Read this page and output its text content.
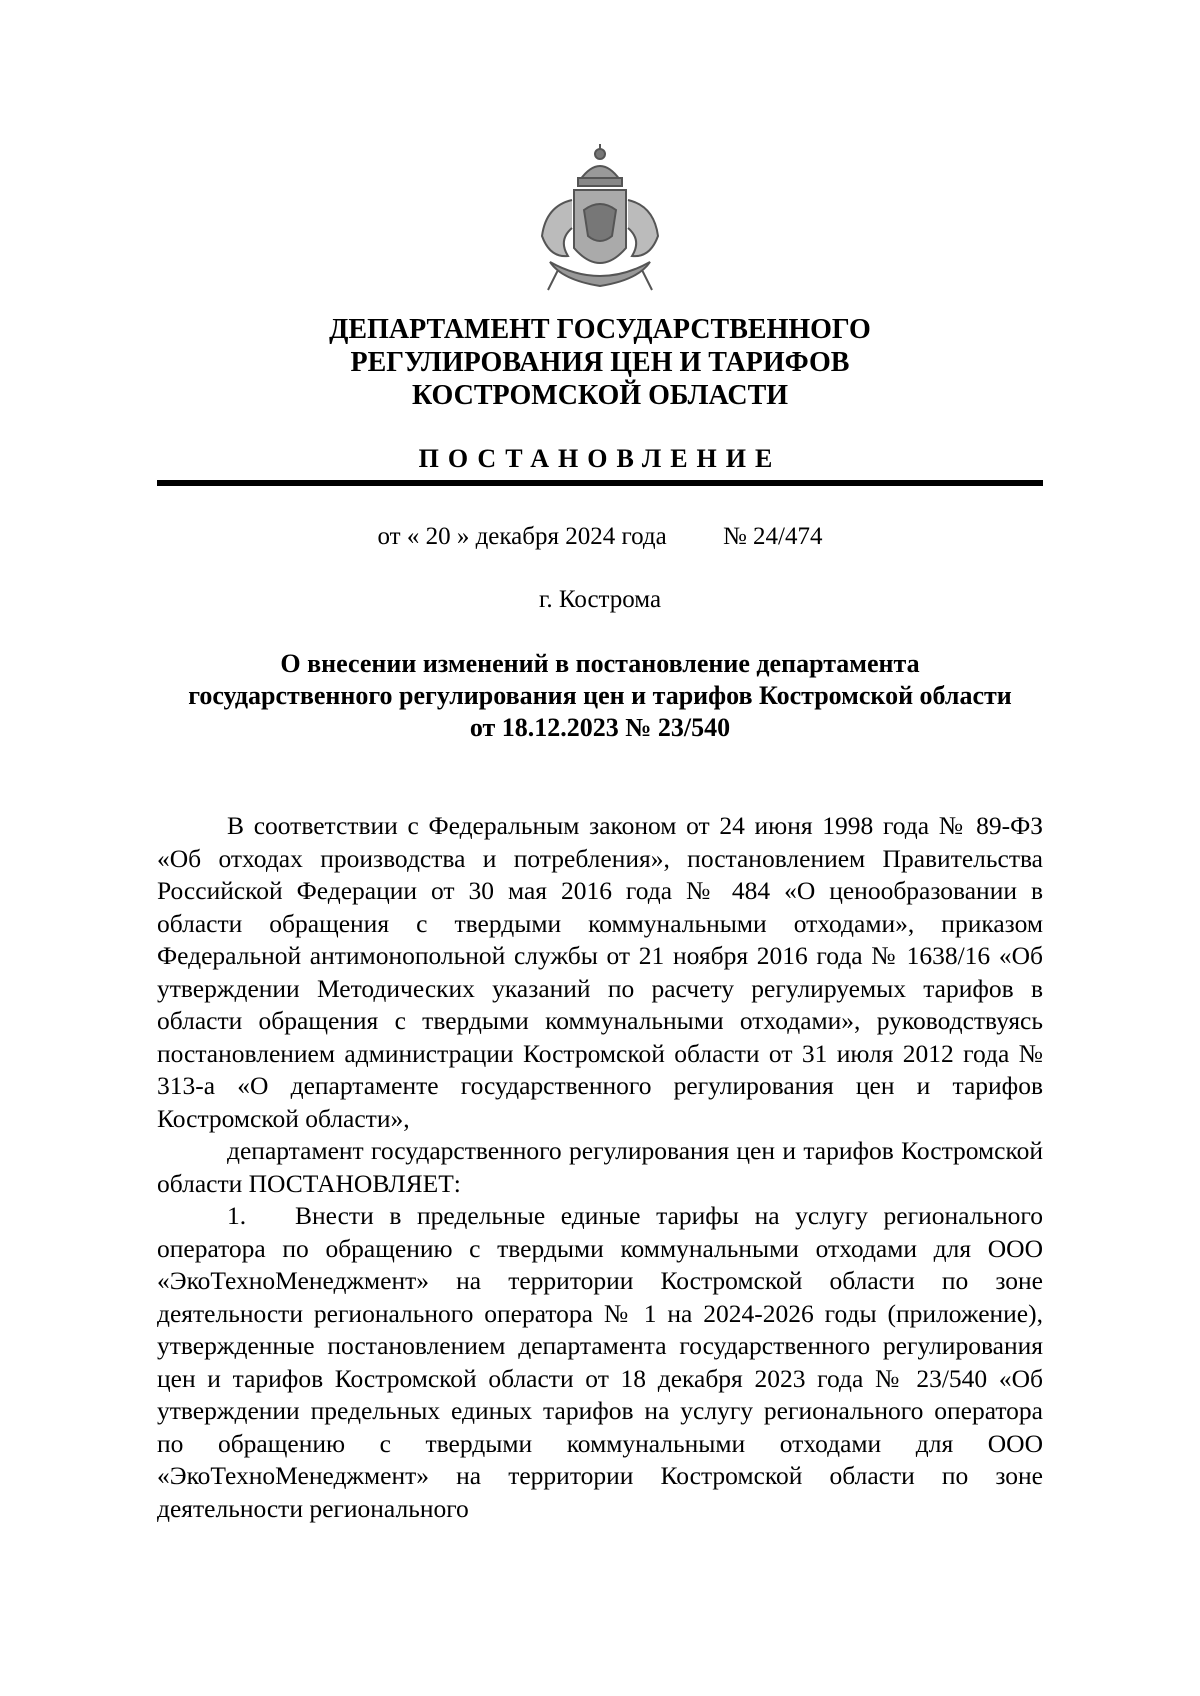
ДЕПАРТАМЕНТ ГОСУДАРСТВЕННОГО
РЕГУЛИРОВАНИЯ ЦЕН И ТАРИФОВ
КОСТРОМСКОЙ ОБЛАСТИ
ПОСТАНОВЛЕНИЕ
от « 20 » декабря 2024 года № 24/474
г. Кострома
О внесении изменений в постановление департамента
государственного регулирования цен и тарифов Костромской области
от 18.12.2023 № 23/540

В соответствии с Федеральным законом от 24 июня 1998 года № 89-ФЗ «Об отходах производства и потребления», постановлением Правительства Российской Федерации от 30 мая 2016 года № 484 «О ценообразовании в области обращения с твердыми коммунальными отходами», приказом Федеральной антимонопольной службы от 21 ноября 2016 года № 1638/16 «Об утверждении Методических указаний по расчету регулируемых тарифов в области обращения с твердыми коммунальными отходами», руководствуясь постановлением администрации Костромской области от 31 июля 2012 года № 313-а «О департаменте государственного регулирования цен и тарифов Костромской области»,

департамент государственного регулирования цен и тарифов Костромской области ПОСТАНОВЛЯЕТ:

1. Внести в предельные единые тарифы на услугу регионального оператора по обращению с твердыми коммунальными отходами для ООО «ЭкоТехноМенеджмент» на территории Костромской области по зоне деятельности регионального оператора № 1 на 2024-2026 годы (приложение), утвержденные постановлением департамента государственного регулирования цен и тарифов Костромской области от 18 декабря 2023 года № 23/540 «Об утверждении предельных единых тарифов на услугу регионального оператора по обращению с твердыми коммунальными отходами для ООО «ЭкоТехноМенеджмент» на территории Костромской области по зоне деятельности регионального
